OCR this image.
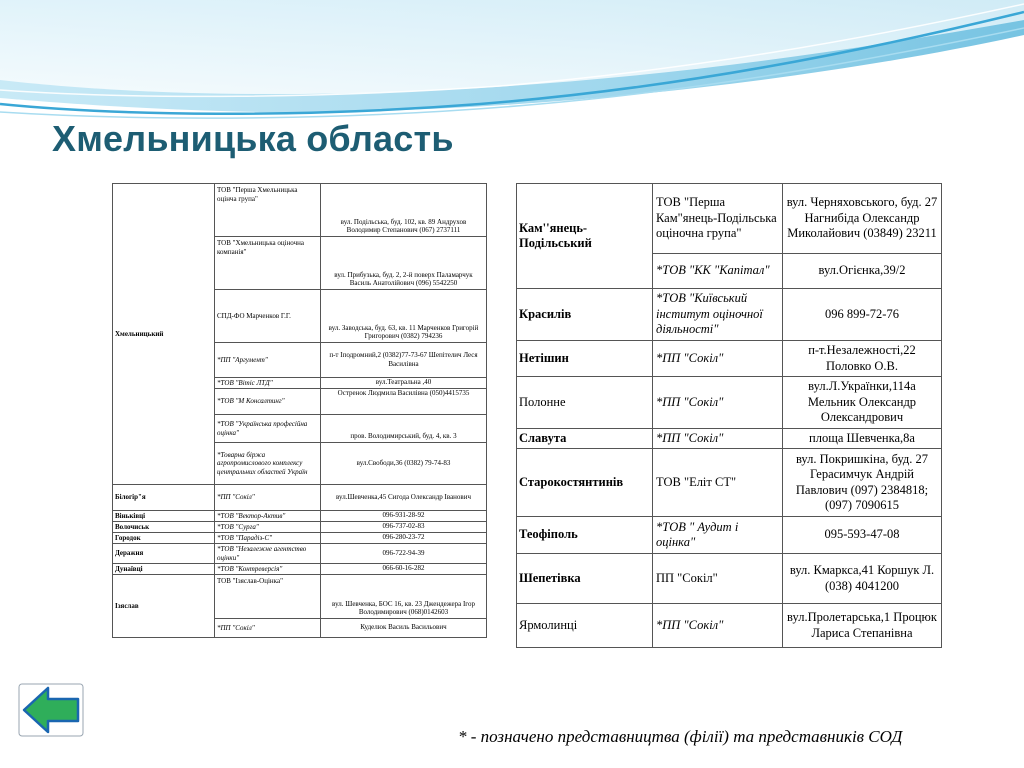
Хмельницька область
Хмельницький	ТОВ "Перша Хмельницька оцінча група"	вул. Подільська, буд. 102, кв. 89 Андрухов Володимир Степанович (067) 2737111
	ТОВ "Хмельницька оціночна компанія"	вул. Прибузька, буд. 2, 2-й поверх Паламарчук Василь Анатолійович (096) 5542250
	СПД-ФО Марченков Г.Г.	вул. Заводська, буд. 63, кв. 11 Марченков Григорій Григорович (0382) 794236
	*ПП "Аргумент"	п-т Іподромний,2 (0382)77-73-67 Шепітелич Леся Василівна
	*ТОВ "Вітіс ЛТД"	вул.Театральна ,40
	*ТОВ "М Консалтинг"	Остренок Людмила Василівна (050)4415735
	*ТОВ "Українська професійна оцінка"	пров. Володимирський, буд. 4, кв. 3
	*Товарна біржа агропромислового комплексу центральних областей Україн	вул.Свободи,36 (0382) 79-74-83
Білогір"я	*ПП "Сокіл"	вул.Шевченка,45 Сигода Олександр Іванович
Віньківці	*ТОВ "Вектор-Актив"	096-931-28-92
Волочиськ	*ТОВ "Сурга"	096-737-02-83
Городок	*ТОВ "Парадіз-С"	096-280-23-72
Деражня	*ТОВ "Незалежне агентство оцінки"	096-722-94-39
Дунаївці	*ТОВ "Контреверсія"	066-60-16-282
Ізяслав	ТОВ "Ізяслав-Оцінка"	вул. Шевченка, БОС 16, кв. 23 Джендежера Ігор Володимирович (068)0142603
	*ПП "Сокіл"	Куделюк Василь Васильович
Кам''янець-Подільський	ТОВ "Перша Кам"янець-Подільська оціночна група"	вул. Черняховського, буд. 27 Нагнибіда Олександр Миколайович (03849) 23211
	*ТОВ "КК "Капітал"	вул.Огієнка,39/2
Красилів	*ТОВ "Київський інститут оціночної діяльності"	096 899-72-76
Нетішин	*ПП "Сокіл"	п-т.Незалежності,22 Половко О.В.
Полонне	*ПП "Сокіл"	вул.Л.Українки,114а Мельник Олександр Олександрович
Славута	*ПП "Сокіл"	площа Шевченка,8а
Старокостянтинів	ТОВ "Еліт СТ"	вул. Покришкіна, буд. 27 Герасимчук Андрій Павлович (097) 2384818; (097) 7090615
Теофіполь	*ТОВ " Аудит і оцінка"	095-593-47-08
Шепетівка	ПП "Сокіл"	вул. Кмаркса,41 Коршук Л.(038) 4041200
Ярмолинці	*ПП "Сокіл"	вул.Пролетарська,1 Процюк Лариса Степанівна

* - позначено представництва (філії) та представників СОД
